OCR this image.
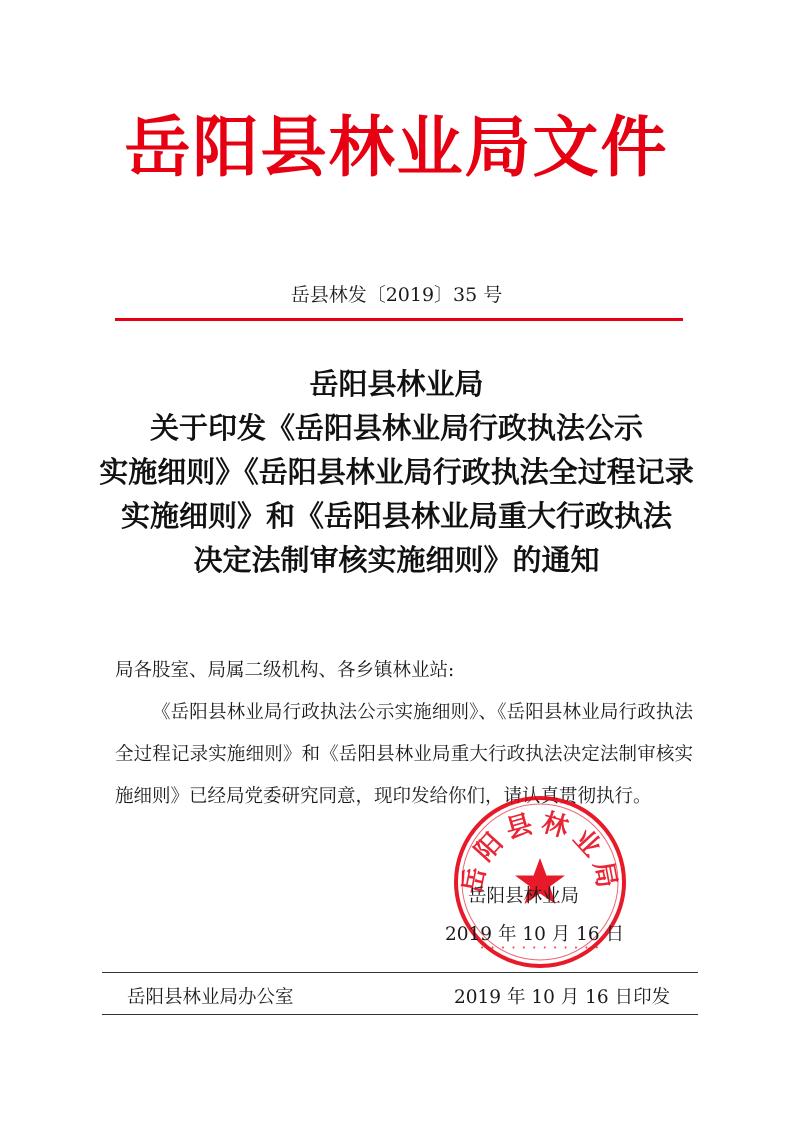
岳阳县林业局文件
岳县林发〔2019〕35 号
岳阳县林业局
关于印发《岳阳县林业局行政执法公示
实施细则》《岳阳县林业局行政执法全过程记录
实施细则》和《岳阳县林业局重大行政执法
决定法制审核实施细则》的通知

局各股室、局属二级机构、各乡镇林业站:

《岳阳县林业局行政执法公示实施细则》、《岳阳县林业局行政执法全过程记录实施细则》和《岳阳县林业局重大行政执法决定法制审核实施细则》已经局党委研究同意，现印发给你们，请认真贯彻执行。

岳阳县林业局
• • • • • • • • • • • •
岳阳县林业局
2019 年 10 月 16 日
岳阳县林业局办公室	2019 年 10 月 16 日印发
